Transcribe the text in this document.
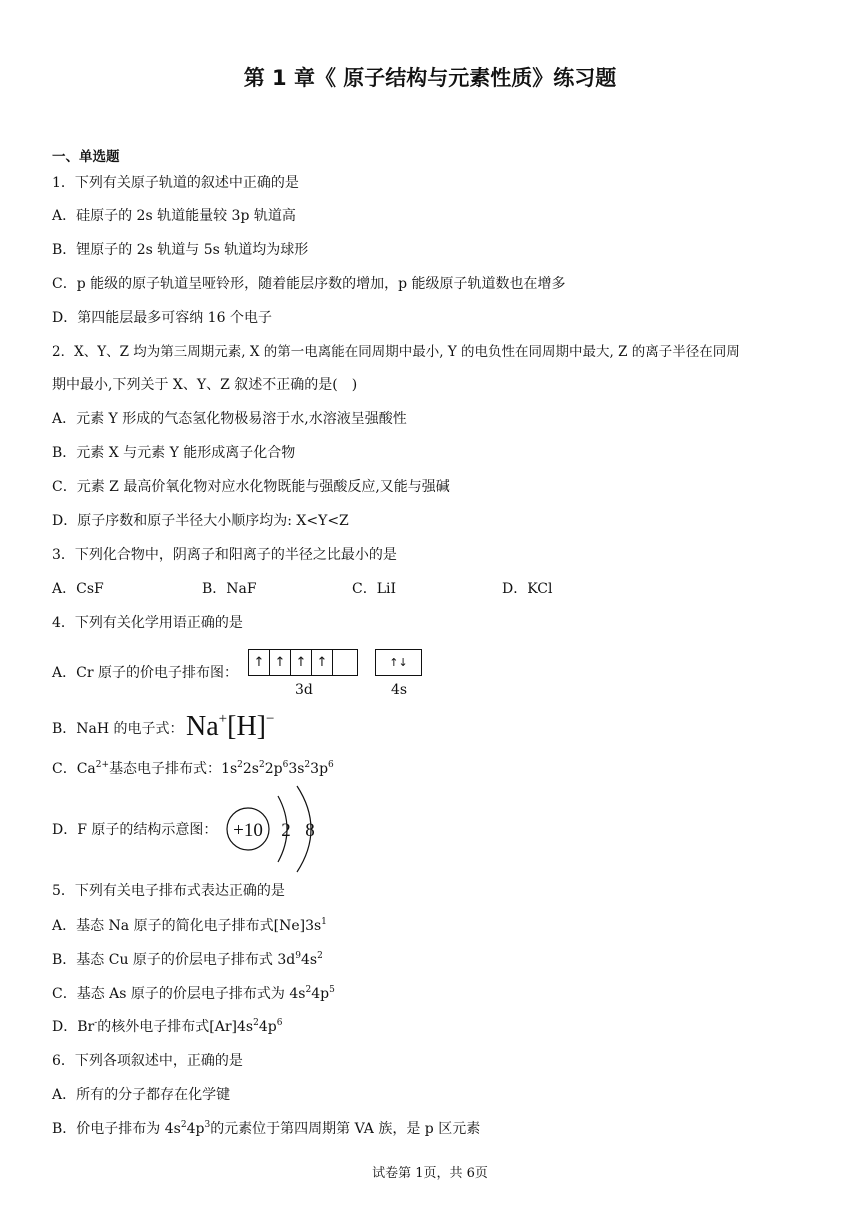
第 1 章《 原子结构与元素性质》练习题
一、单选题
1．下列有关原子轨道的叙述中正确的是
A．硅原子的 2s 轨道能量较 3p 轨道高
B．锂原子的 2s 轨道与 5s 轨道均为球形
C．p 能级的原子轨道呈哑铃形，随着能层序数的增加，p 能级原子轨道数也在增多
D．第四能层最多可容纳 16 个电子
2．X、Y、Z 均为第三周期元素, X 的第一电离能在同周期中最小, Y 的电负性在同周期中最大, Z 的离子半径在同周
期中最小,下列关于 X、Y、Z 叙述不正确的是(　)
A．元素 Y 形成的气态氢化物极易溶于水,水溶液呈强酸性
B．元素 X 与元素 Y 能形成离子化合物
C．元素 Z 最高价氧化物对应水化物既能与强酸反应,又能与强碱
D．原子序数和原子半径大小顺序均为: X<Y<Z
3．下列化合物中，阴离子和阳离子的半径之比最小的是
A．CsF	B．NaF	C．LiI	D．KCl
4．下列有关化学用语正确的是
A．Cr 原子的价电子排布图：
↑ ↑ ↑ ↑	↑↓
3d	4s
B．NaH 的电子式： Na+[H]−
C．$Ca^{2+}$基态电子排布式：$1s^22s^22p^63s^23p^6$
D．F 原子的结构示意图： +10 2 8
5．下列有关电子排布式表达正确的是
A．基态 Na 原子的简化电子排布式$[Ne]3s^1$
B．基态 Cu 原子的价层电子排布式 $3d^94s^2$
C．基态 As 原子的价层电子排布式为 $4s^24p^5$
D．Br-的核外电子排布式$[Ar]4s^24p^6$
6．下列各项叙述中，正确的是
A．所有的分子都存在化学键
B．价电子排布为 $4s^24p^3$的元素位于第四周期第 VA 族，是 p 区元素
试卷第 1页，共 6页
